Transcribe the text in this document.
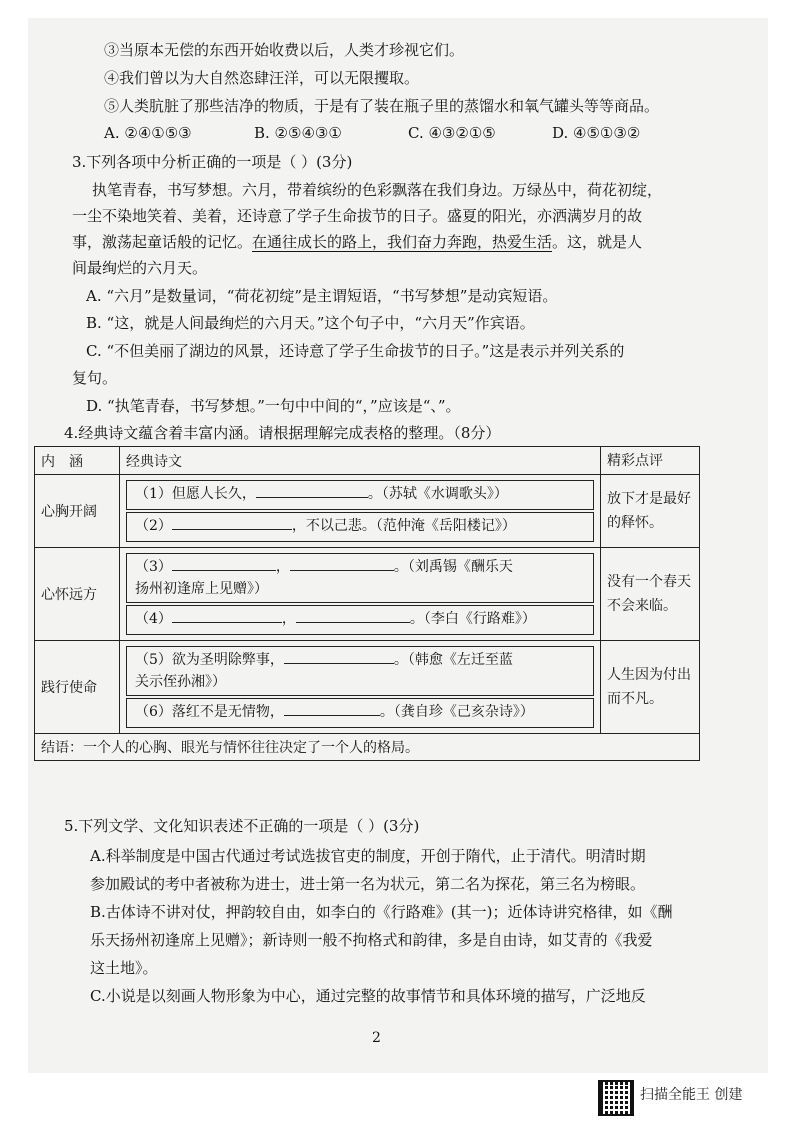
③当原本无偿的东西开始收费以后，人类才珍视它们。
④我们曾以为大自然恣肆汪洋，可以无限攫取。
⑤人类肮脏了那些洁净的物质，于是有了装在瓶子里的蒸馏水和氧气罐头等等商品。
A. ②④①⑤③	B. ②⑤④③①	C. ④③②①⑤	D. ④⑤①③②
3.下列各项中分析正确的一项是（ ）(3分)
执笔青春，书写梦想。六月，带着缤纷的色彩飘落在我们身边。万绿丛中，荷花初绽，
一尘不染地笑着、美着，还诗意了学子生命拔节的日子。盛夏的阳光，亦洒满岁月的故
事，激荡起童话般的记忆。在通往成长的路上，我们奋力奔跑，热爱生活。这，就是人
间最绚烂的六月天。
A. “六月”是数量词，“荷花初绽”是主谓短语，“书写梦想”是动宾短语。
B. “这，就是人间最绚烂的六月天。”这个句子中，“六月天”作宾语。
C. “不但美丽了湖边的风景，还诗意了学子生命拔节的日子。”这是表示并列关系的
复句。
D. “执笔青春，书写梦想。”一句中中间的“，”应该是“、”。
4.经典诗文蕴含着丰富内涵。请根据理解完成表格的整理。（8分）
内　涵	经典诗文	精彩点评
心胸开阔	（1）但愿人长久， 。（苏轼《水调歌头》）
（2） ，不以己悲。（范仲淹《岳阳楼记》）	放下才是最好的释怀。
心怀远方	（3） ， 。（刘禹锡《酬乐天
扬州初逢席上见赠》）
（4） ， 。（李白《行路难》）	没有一个春天不会来临。
践行使命	（5）欲为圣明除弊事， 。（韩愈《左迁至蓝
关示侄孙湘》）
（6）落红不是无情物， 。（龚自珍《己亥杂诗》）	人生因为付出而不凡。
结语：一个人的心胸、眼光与情怀往往决定了一个人的格局。		
5.下列文学、文化知识表述不正确的一项是（ ）(3分)
A.科举制度是中国古代通过考试选拔官吏的制度，开创于隋代，止于清代。明清时期
参加殿试的考中者被称为进士，进士第一名为状元，第二名为探花，第三名为榜眼。
B.古体诗不讲对仗，押韵较自由，如李白的《行路难》(其一)；近体诗讲究格律，如《酬
乐天扬州初逢席上见赠》；新诗则一般不拘格式和韵律，多是自由诗，如艾青的《我爱
这土地》。
C.小说是以刻画人物形象为中心，通过完整的故事情节和具体环境的描写，广泛地反
2
扫描全能王 创建
